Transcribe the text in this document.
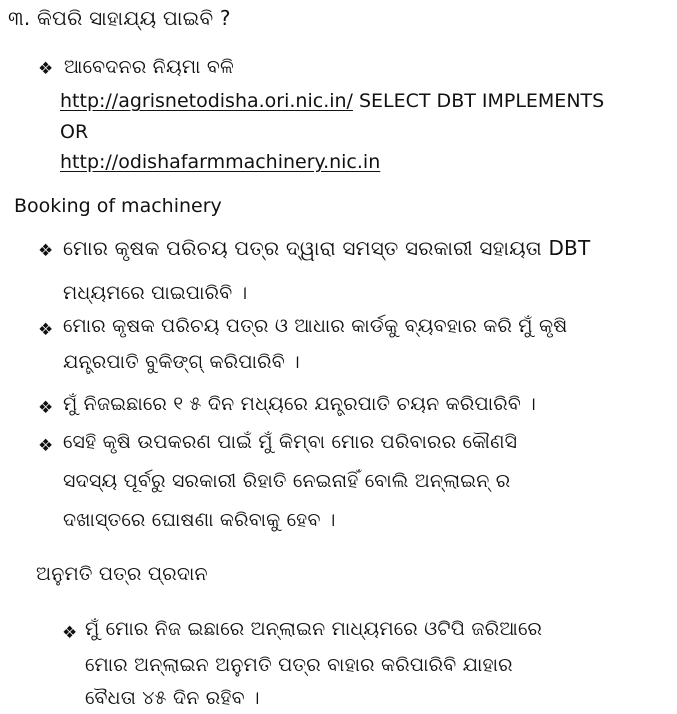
୩. କିପରି ସାହାଯ୍ୟ ପାଇବି ?
❖ ଆବେଦନର ନିୟମା ବଳି
http://agrisnetodisha.ori.nic.in/ SELECT DBT IMPLEMENTS
OR
http://odishafarmmachinery.nic.in
Booking of machinery
❖ ମୋର କୃଷକ ପରିଚୟ ପତ୍ର ଦ୍ୱାରା ସମସ୍ତ ସରକାରୀ ସହାୟତା DBT
ମଧ୍ୟମରେ ପାଇପାରିବି ।
❖ ମୋର କୃଷକ ପରିଚୟ ପତ୍ର ଓ ଆଧାର କାର୍ଡକୁ ବ୍ୟବହାର କରି ମୁଁ କୃଷି
ଯନ୍ତ୍ରପାତି ବୁକିଙ୍ଗ୍ କରିପାରିବି ।
❖ ମୁଁ ନିଜଇଛାରେ ୧ ୫ ଦିନ ମଧ୍ୟରେ ଯନ୍ତ୍ରପାତି ଚୟନ କରିପାରିବି ।
❖ ସେହି କୃଷି ଉପକରଣ ପାଇଁ ମୁଁ କିମ୍ବା ମୋର ପରିବାରର କୌଣସି
ସଦସ୍ୟ ପୂର୍ବରୁ ସରକାରୀ ରିହାତି ନେଇନାହିଁ ବୋଲି ଅନ୍‌ଲାଇନ୍ ର
ଦଖାସ୍ତରେ ଘୋଷଣା କରିବାକୁ ହେବ ।
ଅନୁମତି ପତ୍ର ପ୍ରଦାନ
❖ ମୁଁ ମୋର ନିଜ ଇଛାରେ ଅନ୍‌ଲାଇନ ମାଧ୍ୟମରେ ଓଟିପି ଜରିଆରେ
ମୋର ଅନ୍‌ଲାଇନ ଅନୁମତି ପତ୍ର ବାହାର କରିପାରିବି ଯାହାର
ବୈଧତା ୪୫ ଦିନ ରହିବ ।
